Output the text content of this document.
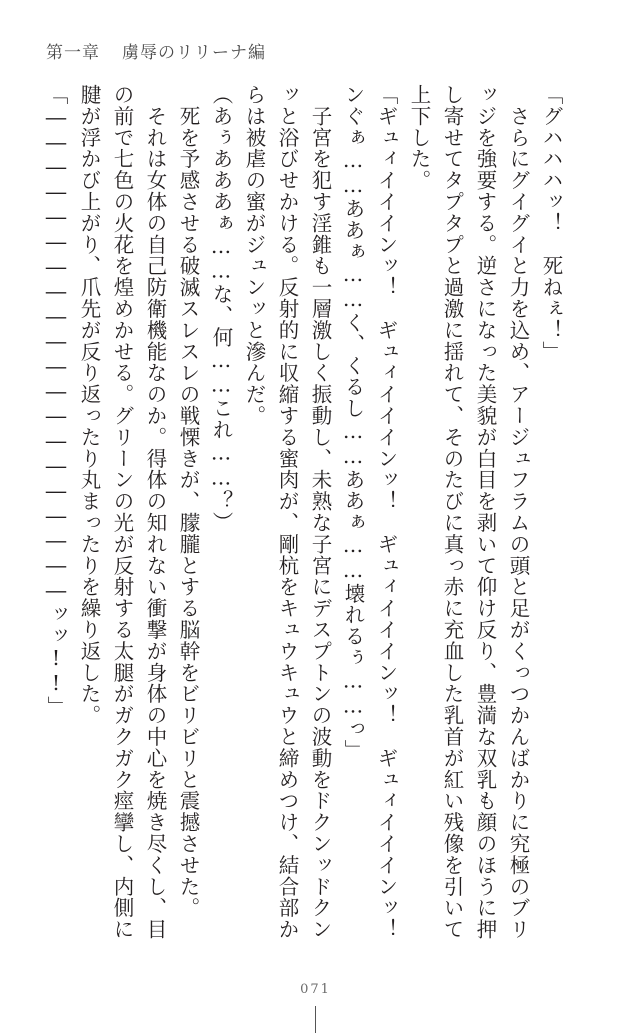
第一章 虜辱のリリーナ編

「グハハハッ！　死ねぇ！」

　さらにグイグイと力を込め、アージュフラムの頭と足がくっつかんばかりに究極のブリ

ッジを強要する。逆さになった美貌が白目を剥いて仰け反り、豊満な双乳も顔のほうに押

し寄せてタプタプと過激に揺れて、そのたびに真っ赤に充血した乳首が紅い残像を引いて

上下した。

「ギュィイイインッ！　ギュィイイインッ！　ギュィイイインッ！　ギュィイイインッ！

ンぐぁ……ああぁ……く、くるし……ああぁ……壊れるぅ……っ」

　子宮を犯す淫錐も一層激しく振動し、未熟な子宮にデスプトンの波動をドクンッドクン

ッと浴びせかける。反射的に収縮する蜜肉が、剛杭をキュウキュウと締めつけ、結合部か

らは被虐の蜜がジュンッと滲んだ。

（あぅあああぁ……な、何……これ……？）

　死を予感させる破滅スレスレの戦慄きが、朦朧とする脳幹をビリビリと震撼させた。

　それは女体の自己防衛機能なのか。得体の知れない衝撃が身体の中心を焼き尽くし、目

の前で七色の火花を煌めかせる。グリーンの光が反射する太腿がガクガク痙攣し、内側に

腱が浮かび上がり、爪先が反り返ったり丸まったりを繰り返した。

「――――――――――――――――――――ッッ!!」

071
